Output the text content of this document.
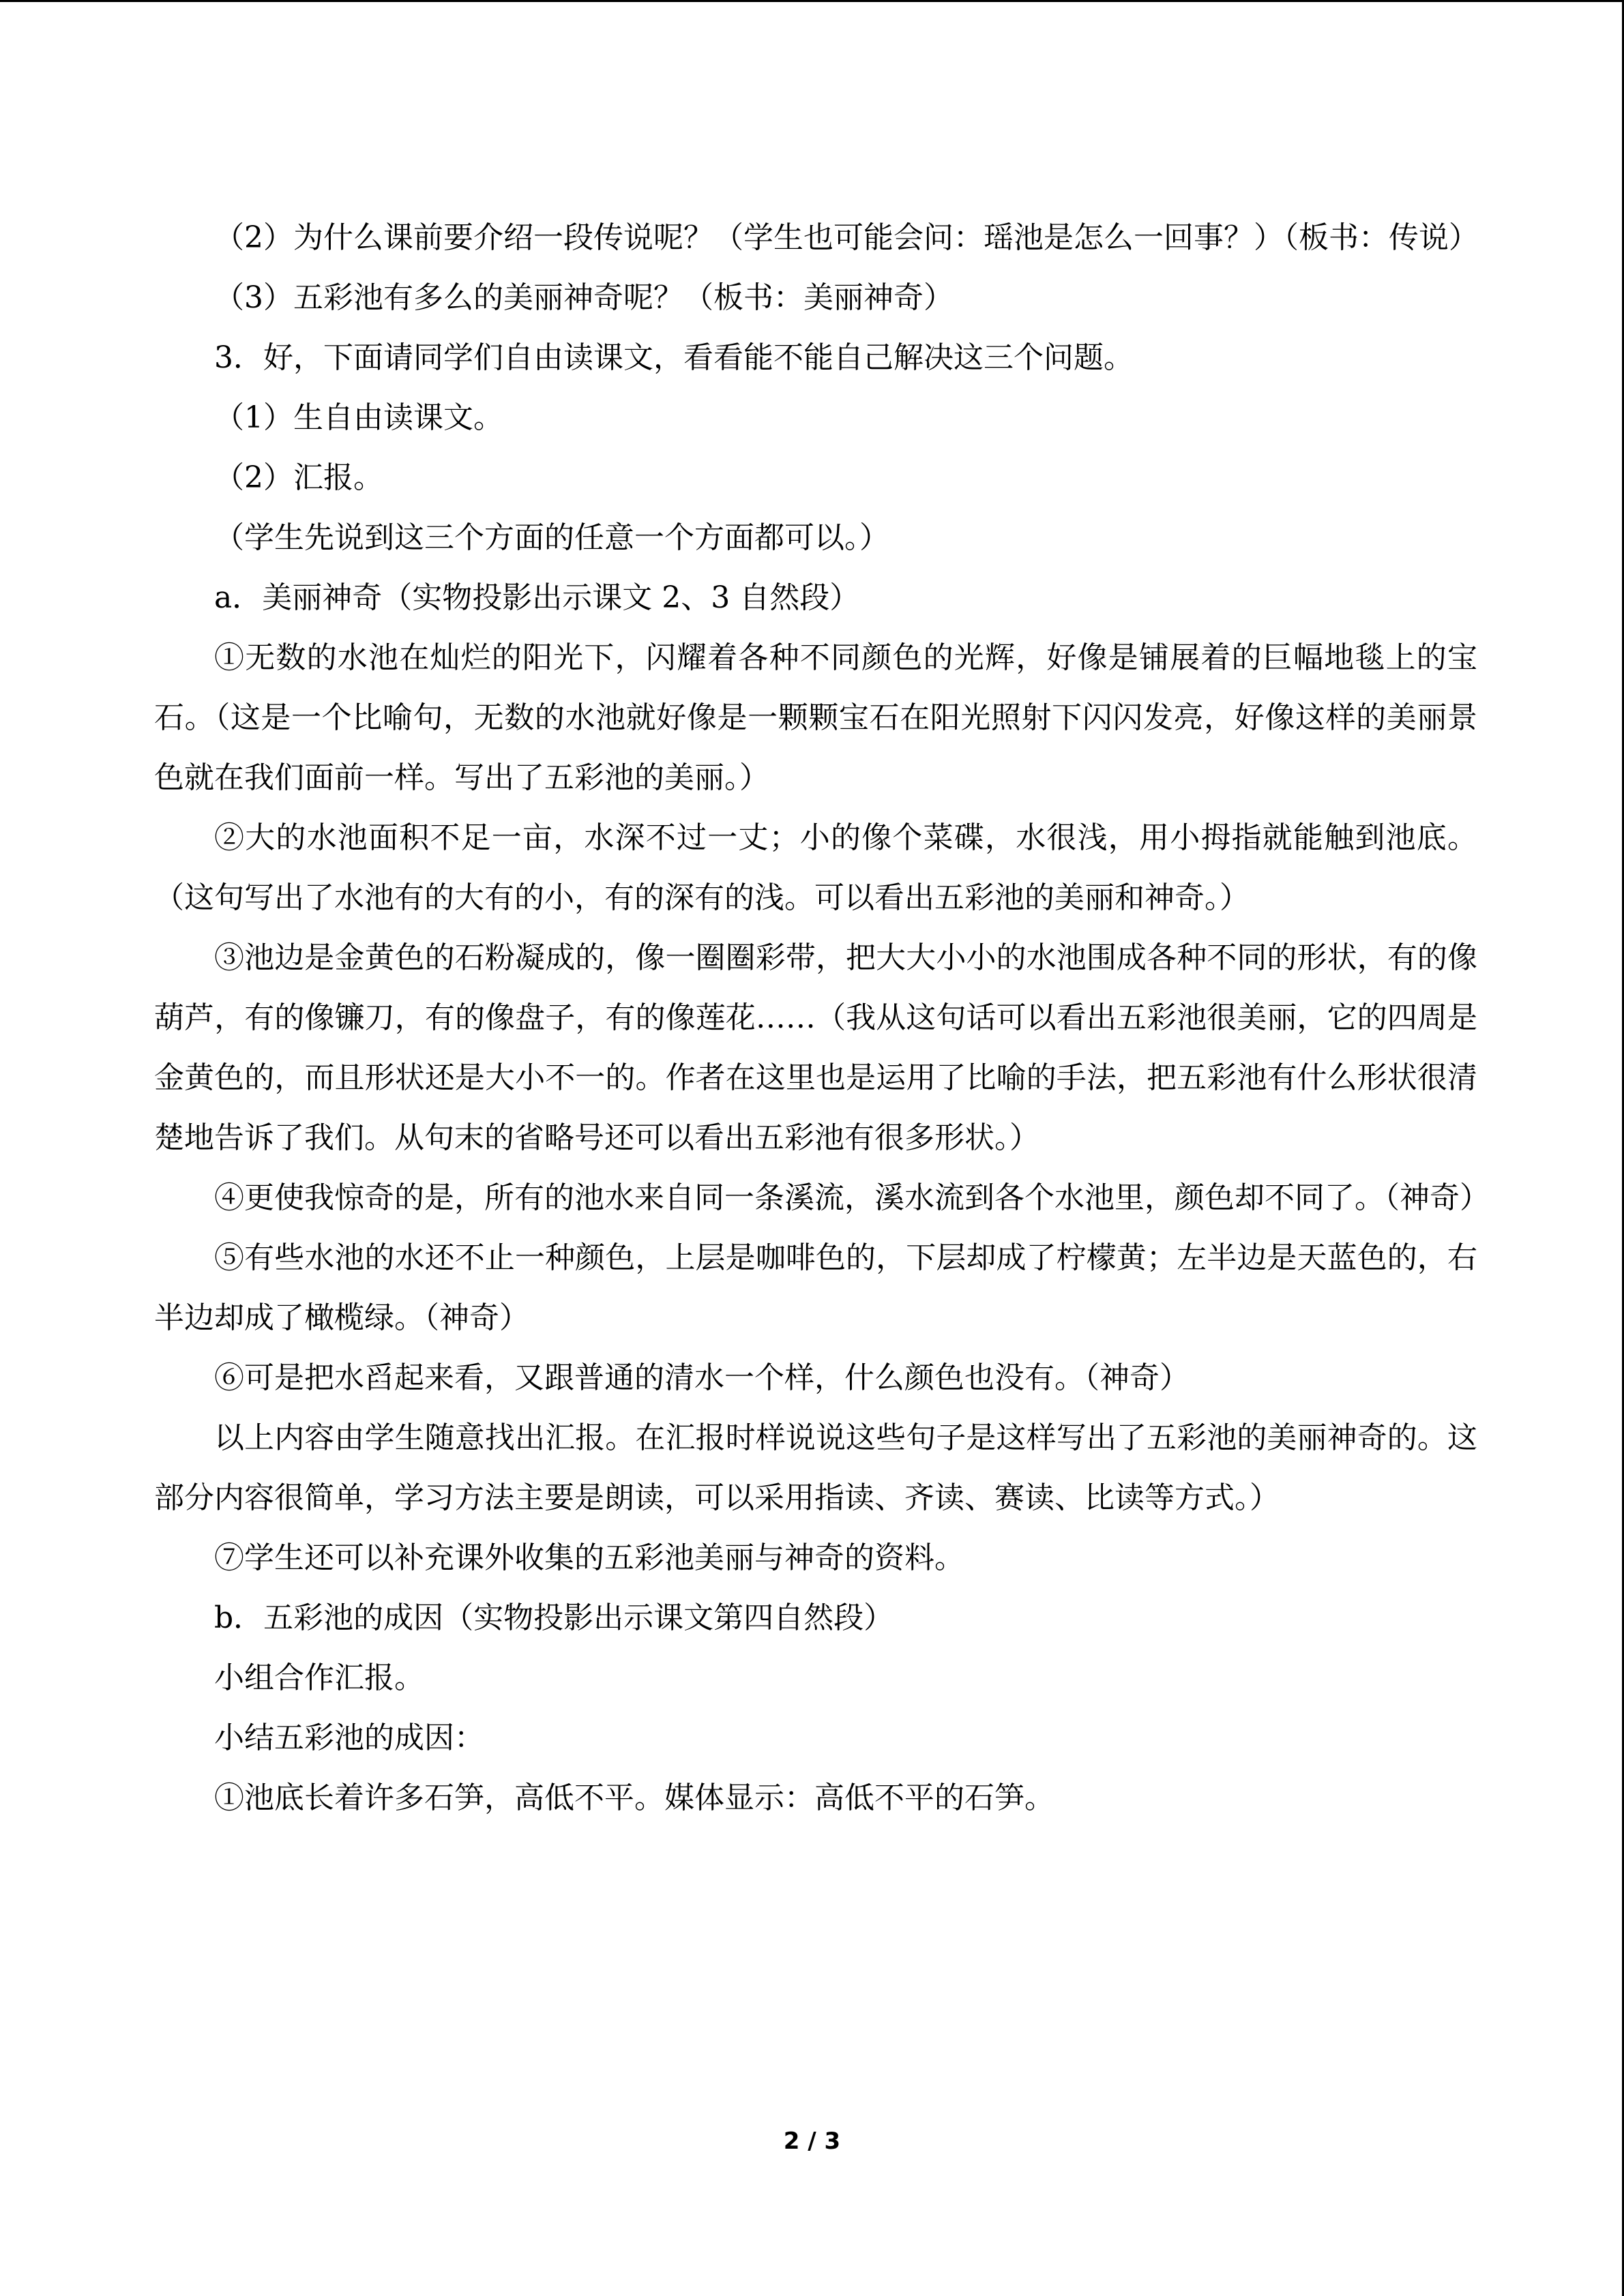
（2）为什么课前要介绍一段传说呢？（学生也可能会问：瑶池是怎么一回事？）（板书：传说）

（3）五彩池有多么的美丽神奇呢？（板书：美丽神奇）

3．好，下面请同学们自由读课文，看看能不能自己解决这三个问题。

（1）生自由读课文。

（2）汇报。

（学生先说到这三个方面的任意一个方面都可以。）

a．美丽神奇（实物投影出示课文 2、3 自然段）

①无数的水池在灿烂的阳光下，闪耀着各种不同颜色的光辉，好像是铺展着的巨幅地毯上的宝石。（这是一个比喻句，无数的水池就好像是一颗颗宝石在阳光照射下闪闪发亮，好像这样的美丽景色就在我们面前一样。写出了五彩池的美丽。）

②大的水池面积不足一亩，水深不过一丈；小的像个菜碟，水很浅，用小拇指就能触到池底。（这句写出了水池有的大有的小，有的深有的浅。可以看出五彩池的美丽和神奇。）

③池边是金黄色的石粉凝成的，像一圈圈彩带，把大大小小的水池围成各种不同的形状，有的像葫芦，有的像镰刀，有的像盘子，有的像莲花……（我从这句话可以看出五彩池很美丽，它的四周是金黄色的，而且形状还是大小不一的。作者在这里也是运用了比喻的手法，把五彩池有什么形状很清楚地告诉了我们。从句末的省略号还可以看出五彩池有很多形状。）

④更使我惊奇的是，所有的池水来自同一条溪流，溪水流到各个水池里，颜色却不同了。（神奇）

⑤有些水池的水还不止一种颜色，上层是咖啡色的，下层却成了柠檬黄；左半边是天蓝色的，右半边却成了橄榄绿。（神奇）

⑥可是把水舀起来看，又跟普通的清水一个样，什么颜色也没有。（神奇）

以上内容由学生随意找出汇报。在汇报时样说说这些句子是这样写出了五彩池的美丽神奇的。这部分内容很简单，学习方法主要是朗读，可以采用指读、齐读、赛读、比读等方式。）

⑦学生还可以补充课外收集的五彩池美丽与神奇的资料。

b．五彩池的成因（实物投影出示课文第四自然段）

小组合作汇报。

小结五彩池的成因：

①池底长着许多石笋，高低不平。媒体显示：高低不平的石笋。

2 / 3
